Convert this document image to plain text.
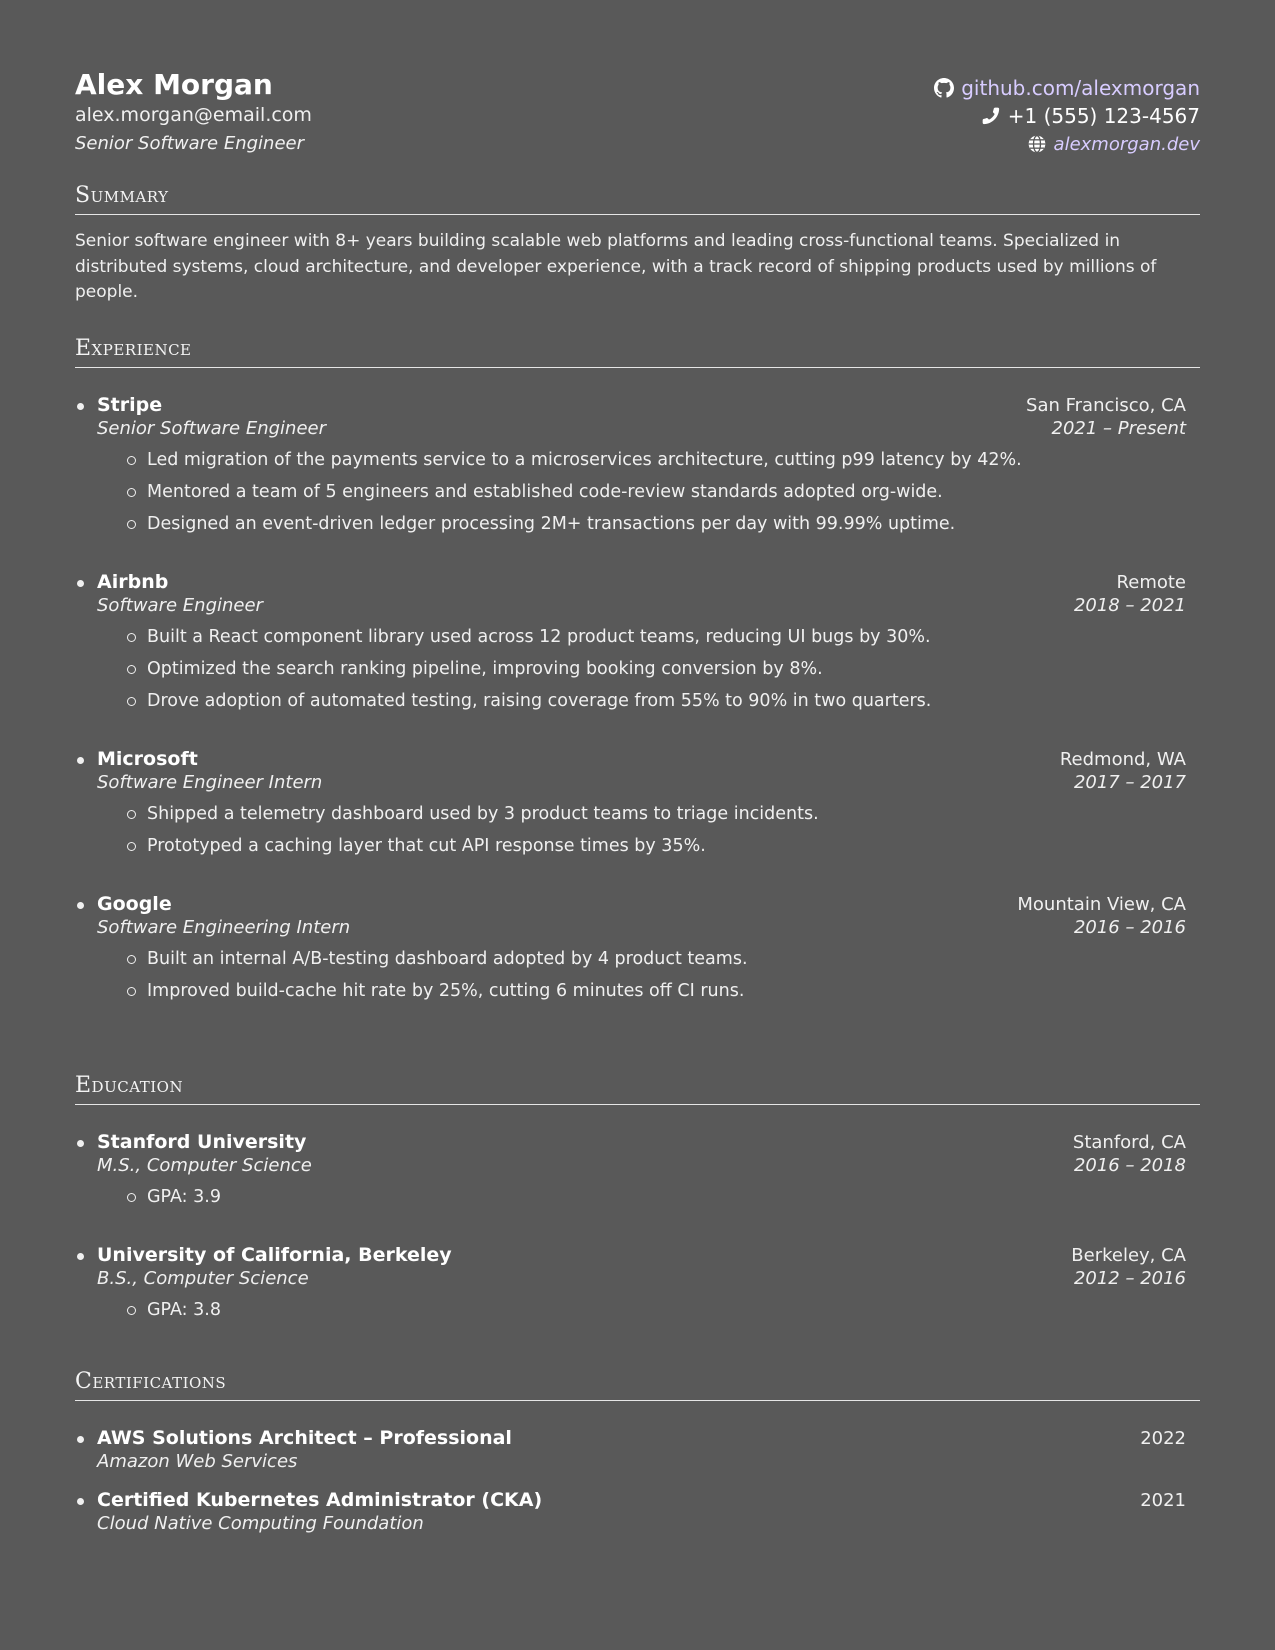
Alex Morgan
alex.morgan@email.com
Senior Software Engineer
github.com/alexmorgan
+1 (555) 123-4567
alexmorgan.dev
Summary
Senior software engineer with 8+ years building scalable web platforms and leading cross-functional teams. Specialized in distributed systems, cloud architecture, and developer experience, with a track record of shipping products used by millions of people.
Experience
Stripe	San Francisco, CA
Senior Software Engineer	2021 – Present
Led migration of the payments service to a microservices architecture, cutting p99 latency by 42%.
Mentored a team of 5 engineers and established code-review standards adopted org-wide.
Designed an event-driven ledger processing 2M+ transactions per day with 99.99% uptime.
Airbnb	Remote
Software Engineer	2018 – 2021
Built a React component library used across 12 product teams, reducing UI bugs by 30%.
Optimized the search ranking pipeline, improving booking conversion by 8%.
Drove adoption of automated testing, raising coverage from 55% to 90% in two quarters.
Microsoft	Redmond, WA
Software Engineer Intern	2017 – 2017
Shipped a telemetry dashboard used by 3 product teams to triage incidents.
Prototyped a caching layer that cut API response times by 35%.
Google	Mountain View, CA
Software Engineering Intern	2016 – 2016
Built an internal A/B-testing dashboard adopted by 4 product teams.
Improved build-cache hit rate by 25%, cutting 6 minutes off CI runs.
Education
Stanford University	Stanford, CA
M.S., Computer Science	2016 – 2018
GPA: 3.9
University of California, Berkeley	Berkeley, CA
B.S., Computer Science	2012 – 2016
GPA: 3.8
Certifications
AWS Solutions Architect – Professional	2022
Amazon Web Services
Certified Kubernetes Administrator (CKA)	2021
Cloud Native Computing Foundation
